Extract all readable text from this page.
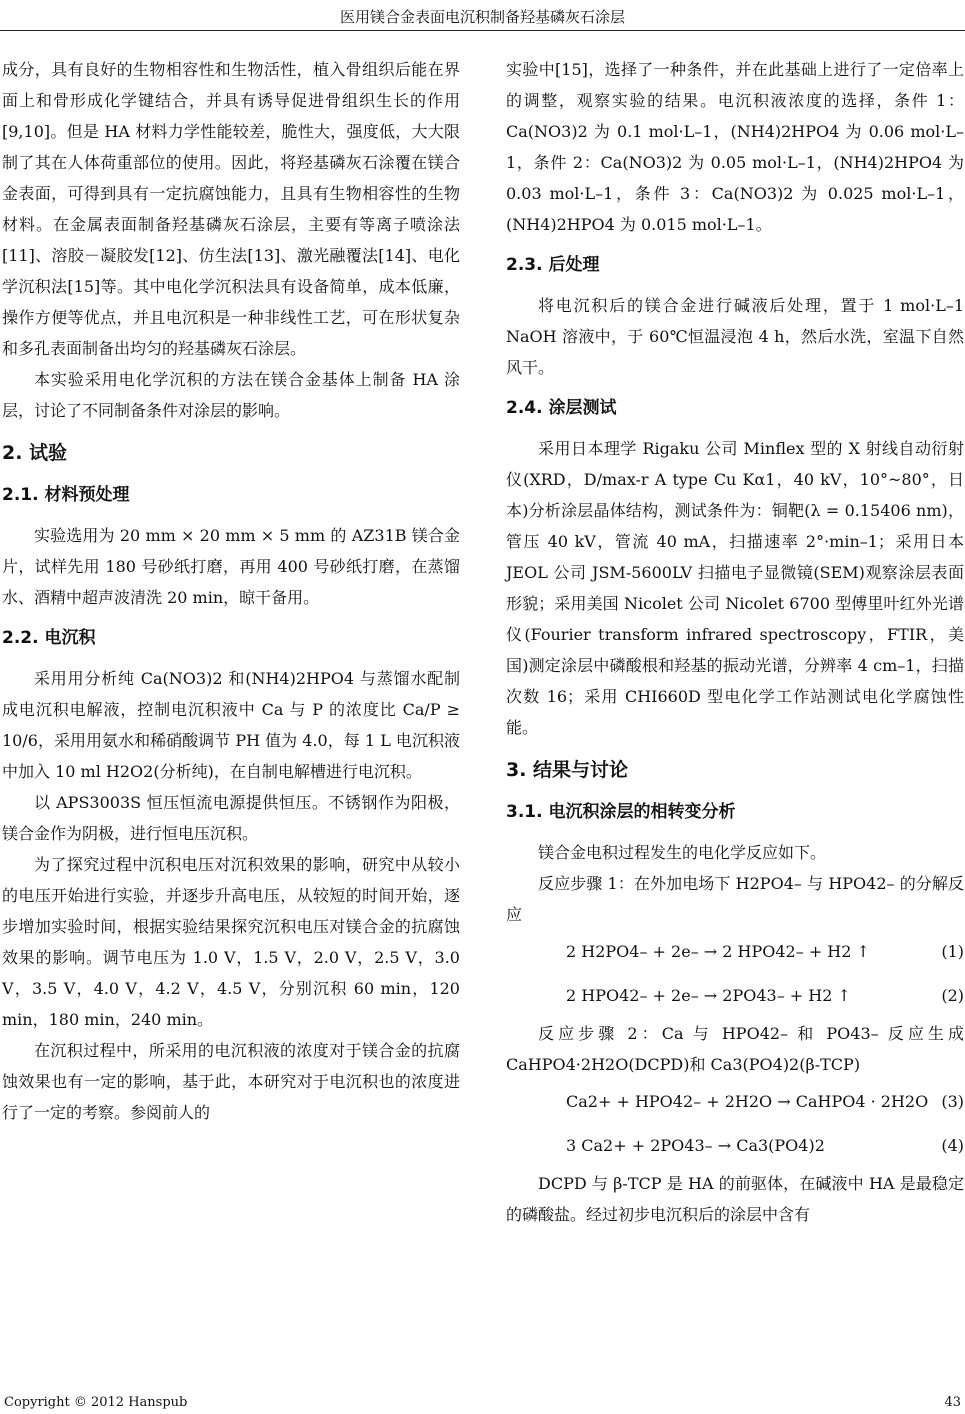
医用镁合金表面电沉积制备羟基磷灰石涂层

成分，具有良好的生物相容性和生物活性，植入骨组织后能在界面上和骨形成化学键结合，并具有诱导促进骨组织生长的作用[9,10]。但是 HA 材料力学性能较差，脆性大，强度低，大大限制了其在人体荷重部位的使用。因此，将羟基磷灰石涂覆在镁合金表面，可得到具有一定抗腐蚀能力，且具有生物相容性的生物材料。在金属表面制备羟基磷灰石涂层，主要有等离子喷涂法[11]、溶胶－凝胶发[12]、仿生法[13]、激光融覆法[14]、电化学沉积法[15]等。其中电化学沉积法具有设备简单，成本低廉，操作方便等优点，并且电沉积是一种非线性工艺，可在形状复杂和多孔表面制备出均匀的羟基磷灰石涂层。

本实验采用电化学沉积的方法在镁合金基体上制备 HA 涂层，讨论了不同制备条件对涂层的影响。

2. 试验

2.1. 材料预处理

实验选用为 20 mm × 20 mm × 5 mm 的 AZ31B 镁合金片，试样先用 180 号砂纸打磨，再用 400 号砂纸打磨，在蒸馏水、酒精中超声波清洗 20 min，晾干备用。

2.2. 电沉积

采用用分析纯 Ca(NO3)2 和(NH4)2HPO4 与蒸馏水配制成电沉积电解液，控制电沉积液中 Ca 与 P 的浓度比 Ca/P ≥ 10/6，采用用氨水和稀硝酸调节 PH 值为 4.0，每 1 L 电沉积液中加入 10 ml H2O2(分析纯)，在自制电解槽进行电沉积。

以 APS3003S 恒压恒流电源提供恒压。不锈钢作为阳极，镁合金作为阴极，进行恒电压沉积。

为了探究过程中沉积电压对沉积效果的影响，研究中从较小的电压开始进行实验，并逐步升高电压，从较短的时间开始，逐步增加实验时间，根据实验结果探究沉积电压对镁合金的抗腐蚀效果的影响。调节电压为 1.0 V，1.5 V，2.0 V，2.5 V，3.0 V，3.5 V，4.0 V，4.2 V，4.5 V，分别沉积 60 min，120 min，180 min，240 min。

在沉积过程中，所采用的电沉积液的浓度对于镁合金的抗腐蚀效果也有一定的影响，基于此，本研究对于电沉积也的浓度进行了一定的考察。参阅前人的

实验中[15]，选择了一种条件，并在此基础上进行了一定倍率上的调整，观察实验的结果。电沉积液浓度的选择，条件 1：Ca(NO3)2 为 0.1 mol·L–1，(NH4)2HPO4 为 0.06 mol·L–1，条件 2：Ca(NO3)2 为 0.05 mol·L–1，(NH4)2HPO4 为 0.03 mol·L–1，条件 3：Ca(NO3)2 为 0.025 mol·L–1，(NH4)2HPO4 为 0.015 mol·L–1。

2.3. 后处理

将电沉积后的镁合金进行碱液后处理，置于 1 mol·L–1 NaOH 溶液中，于 60℃恒温浸泡 4 h，然后水洗，室温下自然风干。

2.4. 涂层测试

采用日本理学 Rigaku 公司 Minflex 型的 X 射线自动衍射仪(XRD，D/max-r A type Cu Kα1，40 kV，10°~80°，日本)分析涂层晶体结构，测试条件为：铜靶(λ = 0.15406 nm)，管压 40 kV，管流 40 mA，扫描速率 2°·min–1；采用日本 JEOL 公司 JSM-5600LV 扫描电子显微镜(SEM)观察涂层表面形貌；采用美国 Nicolet 公司 Nicolet 6700 型傅里叶红外光谱仪(Fourier transform infrared spectroscopy，FTIR，美国)测定涂层中磷酸根和羟基的振动光谱，分辨率 4 cm–1，扫描次数 16；采用 CHI660D 型电化学工作站测试电化学腐蚀性能。

3. 结果与讨论

3.1. 电沉积涂层的相转变分析

镁合金电积过程发生的电化学反应如下。

反应步骤 1：在外加电场下 H2PO4– 与 HPO42– 的分解反应

2 H2PO4– + 2e– → 2 HPO42– + H2 ↑	(1)
2 HPO42– + 2e– → 2PO43– + H2 ↑	(2)

反应步骤 2：Ca 与 HPO42– 和 PO43– 反应生成 CaHPO4·2H2O(DCPD)和 Ca3(PO4)2(β-TCP)

Ca2+ + HPO42– + 2H2O → CaHPO4 · 2H2O (3)
3 Ca2+ + 2PO43– → Ca3(PO4)2	(4)

DCPD 与 β-TCP 是 HA 的前驱体，在碱液中 HA 是最稳定的磷酸盐。经过初步电沉积后的涂层中含有

Copyright © 2012 Hanspub	43
